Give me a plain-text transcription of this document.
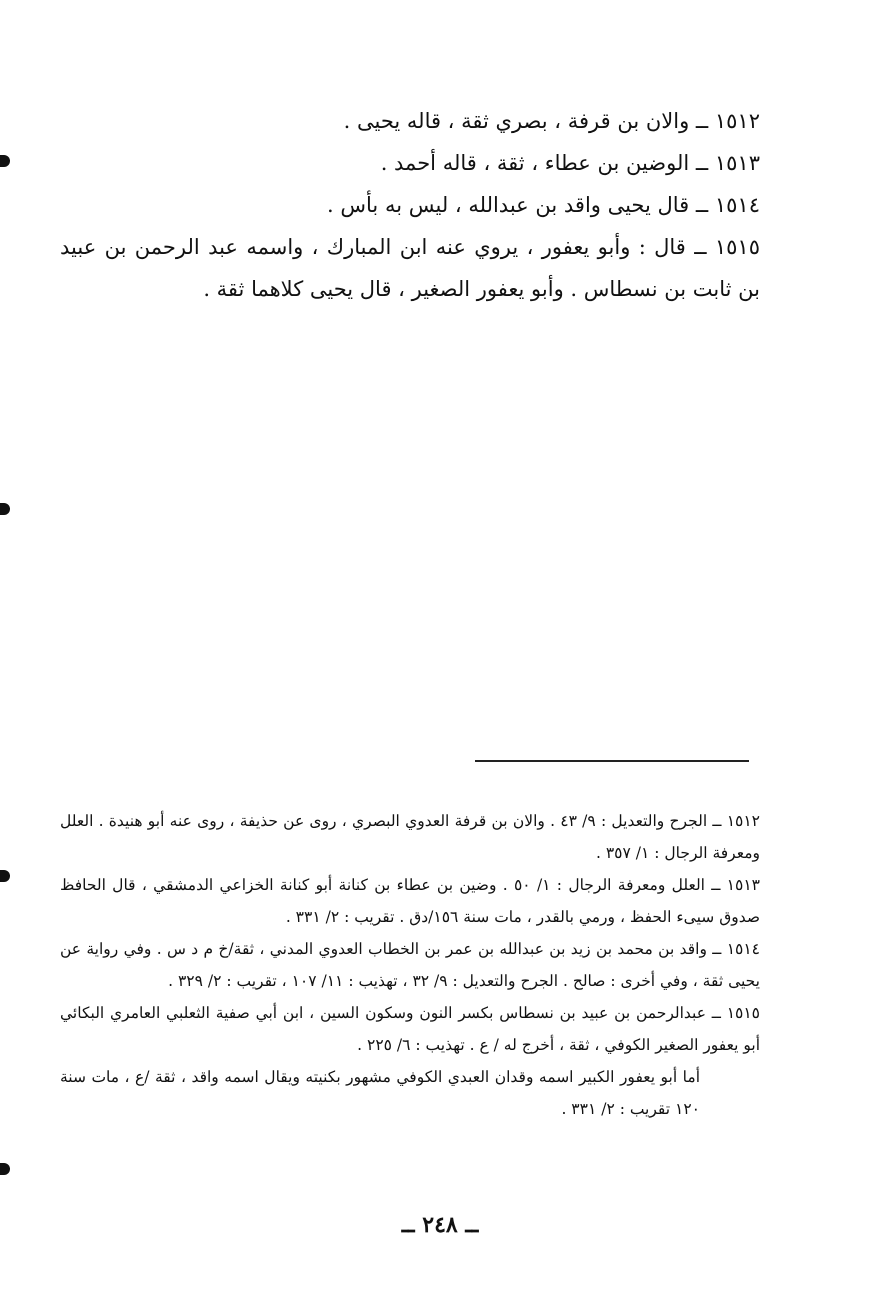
١٥١٢ ــ والان بن قرفة ، بصري ثقة ، قاله يحيى .

١٥١٣ ــ الوضين بن عطاء ، ثقة ، قاله أحمد .

١٥١٤ ــ قال يحيى واقد بن عبدالله ، ليس به بأس .

١٥١٥ ــ قال : وأبو يعفور ، يروي عنه ابن المبارك ، واسمه عبد الرحمن بن عبيد بن ثابت بن نسطاس . وأبو يعفور الصغير ، قال يحيى كلاهما ثقة .

١٥١٢ ــ الجرح والتعديل : ٩/ ٤٣ . والان بن قرفة العدوي البصري ، روى عن حذيفة ، روى عنه أبو هنيدة . العلل ومعرفة الرجال : ١/ ٣٥٧ .

١٥١٣ ــ العلل ومعرفة الرجال : ١/ ٥٠ . وضين بن عطاء بن كنانة أبو كنانة الخزاعي الدمشقي ، قال الحافظ صدوق سيىء الحفظ ، ورمي بالقدر ، مات سنة ١٥٦/دق . تقريب : ٢/ ٣٣١ .

١٥١٤ ــ واقد بن محمد بن زيد بن عبدالله بن عمر بن الخطاب العدوي المدني ، ثقة/خ م د س . وفي رواية عن يحيى ثقة ، وفي أخرى : صالح . الجرح والتعديل : ٩/ ٣٢ ، تهذيب : ١١/ ١٠٧ ، تقريب : ٢/ ٣٢٩ .

١٥١٥ ــ عبدالرحمن بن عبيد بن نسطاس بكسر النون وسكون السين ، ابن أبي صفية الثعلبي العامري البكائي أبو يعفور الصغير الكوفي ، ثقة ، أخرج له / ع . تهذيب : ٦/ ٢٢٥ .

أما أبو يعفور الكبير اسمه وقدان العبدي الكوفي مشهور بكنيته ويقال اسمه واقد ، ثقة /ع ، مات سنة ١٢٠ تقريب : ٢/ ٣٣١ .

ــ ٢٤٨ ــ
